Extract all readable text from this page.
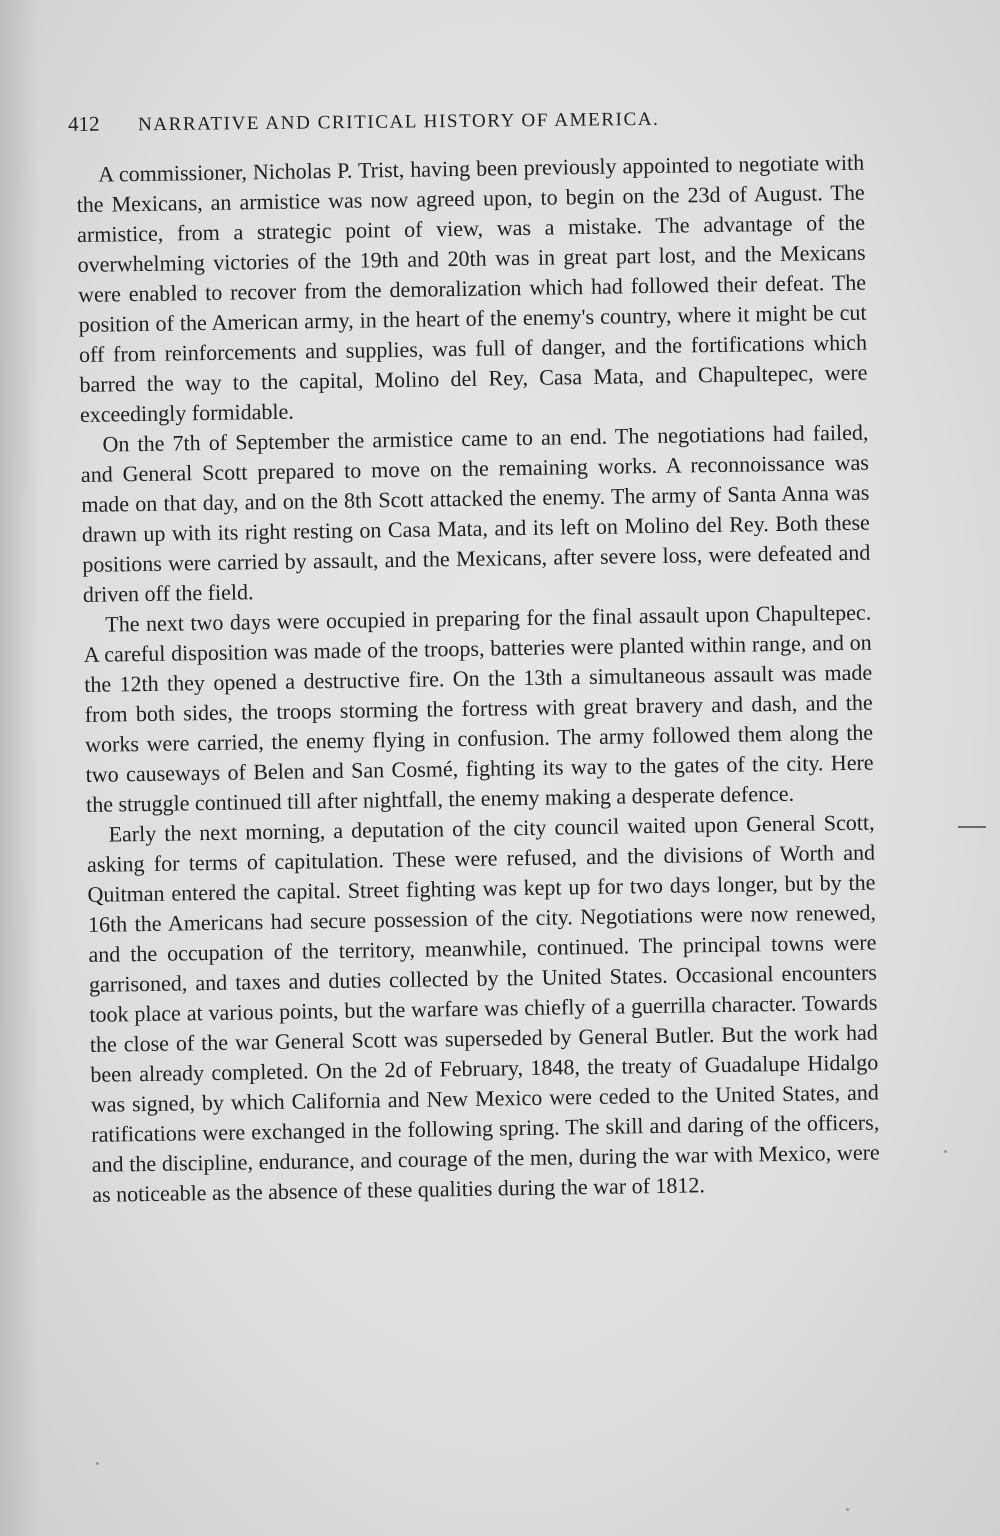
412 NARRATIVE AND CRITICAL HISTORY OF AMERICA.

A commissioner, Nicholas P. Trist, having been previously appointed to negotiate with the Mexicans, an armistice was now agreed upon, to begin on the 23d of August. The armistice, from a strategic point of view, was a mistake. The advantage of the overwhelming victories of the 19th and 20th was in great part lost, and the Mexicans were enabled to recover from the demoralization which had followed their defeat. The position of the American army, in the heart of the enemy's country, where it might be cut off from reinforcements and supplies, was full of danger, and the fortifications which barred the way to the capital, Molino del Rey, Casa Mata, and Chapultepec, were exceedingly formidable.

On the 7th of September the armistice came to an end. The negotiations had failed, and General Scott prepared to move on the remaining works. A reconnoissance was made on that day, and on the 8th Scott attacked the enemy. The army of Santa Anna was drawn up with its right resting on Casa Mata, and its left on Molino del Rey. Both these positions were carried by assault, and the Mexicans, after severe loss, were defeated and driven off the field.

The next two days were occupied in preparing for the final assault upon Chapultepec. A careful disposition was made of the troops, batteries were planted within range, and on the 12th they opened a destructive fire. On the 13th a simultaneous assault was made from both sides, the troops storming the fortress with great bravery and dash, and the works were carried, the enemy flying in confusion. The army followed them along the two causeways of Belen and San Cosmé, fighting its way to the gates of the city. Here the struggle continued till after nightfall, the enemy making a desperate defence.

Early the next morning, a deputation of the city council waited upon General Scott, asking for terms of capitulation. These were refused, and the divisions of Worth and Quitman entered the capital. Street fighting was kept up for two days longer, but by the 16th the Americans had secure possession of the city. Negotiations were now renewed, and the occupation of the territory, meanwhile, continued. The principal towns were garrisoned, and taxes and duties collected by the United States. Occasional encounters took place at various points, but the warfare was chiefly of a guerrilla character. Towards the close of the war General Scott was superseded by General Butler. But the work had been already completed. On the 2d of February, 1848, the treaty of Guadalupe Hidalgo was signed, by which California and New Mexico were ceded to the United States, and ratifications were exchanged in the following spring. The skill and daring of the officers, and the discipline, endurance, and courage of the men, during the war with Mexico, were as noticeable as the absence of these qualities during the war of 1812.
